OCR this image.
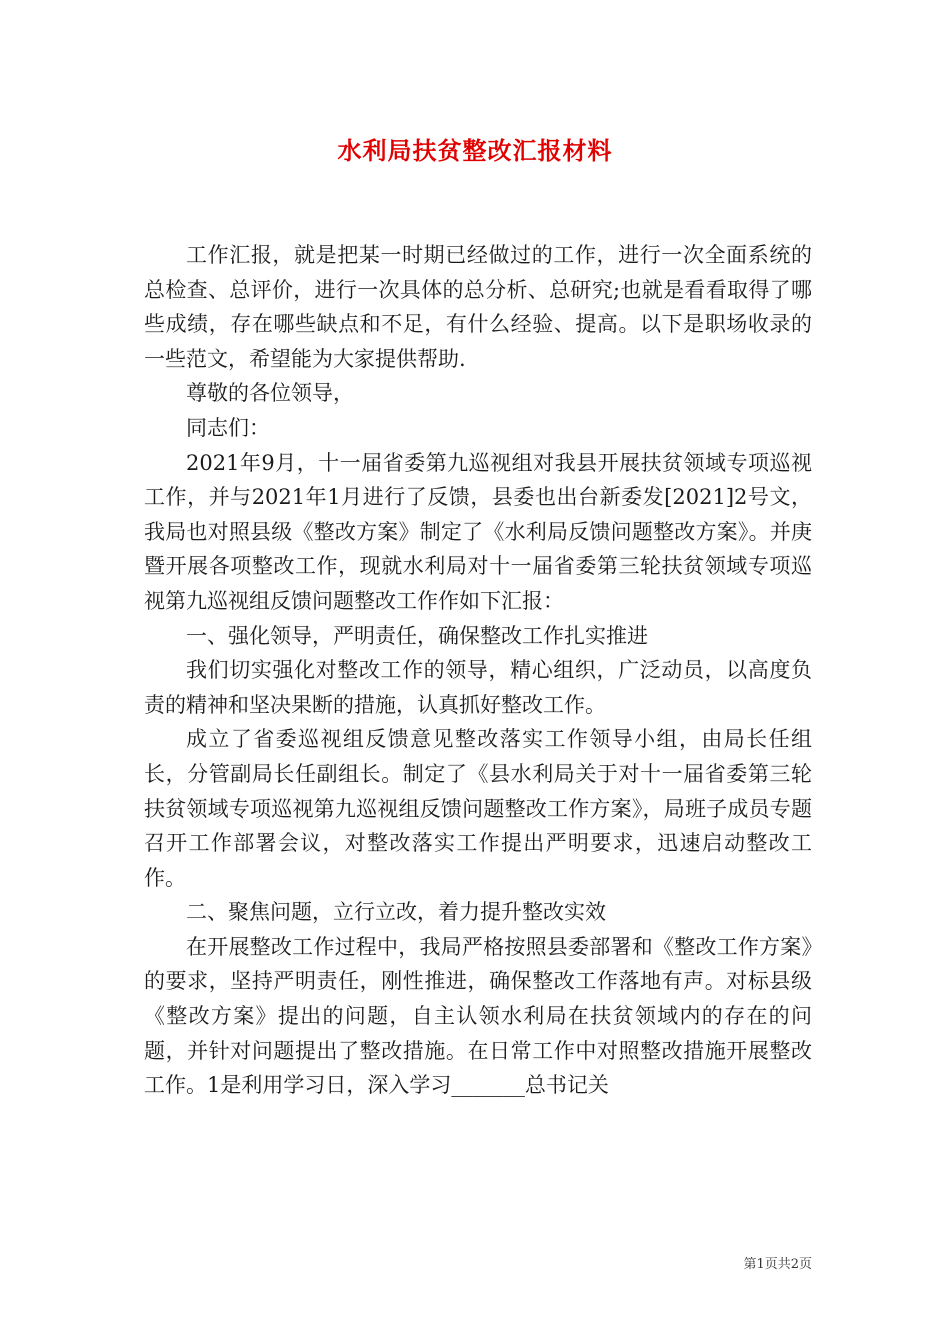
水利局扶贫整改汇报材料

工作汇报，就是把某一时期已经做过的工作，进行一次全面系统的总检查、总评价，进行一次具体的总分析、总研究;也就是看看取得了哪些成绩，存在哪些缺点和不足，有什么经验、提高。以下是职场收录的一些范文，希望能为大家提供帮助.

尊敬的各位领导，

同志们：

2021年9月，十一届省委第九巡视组对我县开展扶贫领域专项巡视工作，并与2021年1月进行了反馈，县委也出台新委发[2021]2号文，我局也对照县级《整改方案》制定了《水利局反馈问题整改方案》。并庚暨开展各项整改工作，现就水利局对十一届省委第三轮扶贫领域专项巡视第九巡视组反馈问题整改工作作如下汇报：

一、强化领导，严明责任，确保整改工作扎实推进

我们切实强化对整改工作的领导，精心组织，广泛动员，以高度负责的精神和坚决果断的措施，认真抓好整改工作。

成立了省委巡视组反馈意见整改落实工作领导小组，由局长任组长，分管副局长任副组长。制定了《县水利局关于对十一届省委第三轮扶贫领域专项巡视第九巡视组反馈问题整改工作方案》，局班子成员专题召开工作部署会议，对整改落实工作提出严明要求，迅速启动整改工作。

二、聚焦问题，立行立改，着力提升整改实效

在开展整改工作过程中，我局严格按照县委部署和《整改工作方案》的要求，坚持严明责任，刚性推进，确保整改工作落地有声。对标县级《整改方案》提出的问题，自主认领水利局在扶贫领域内的存在的问题，并针对问题提出了整改措施。在日常工作中对照整改措施开展整改工作。1是利用学习日，深入学习_______总书记关

第1页共2页
